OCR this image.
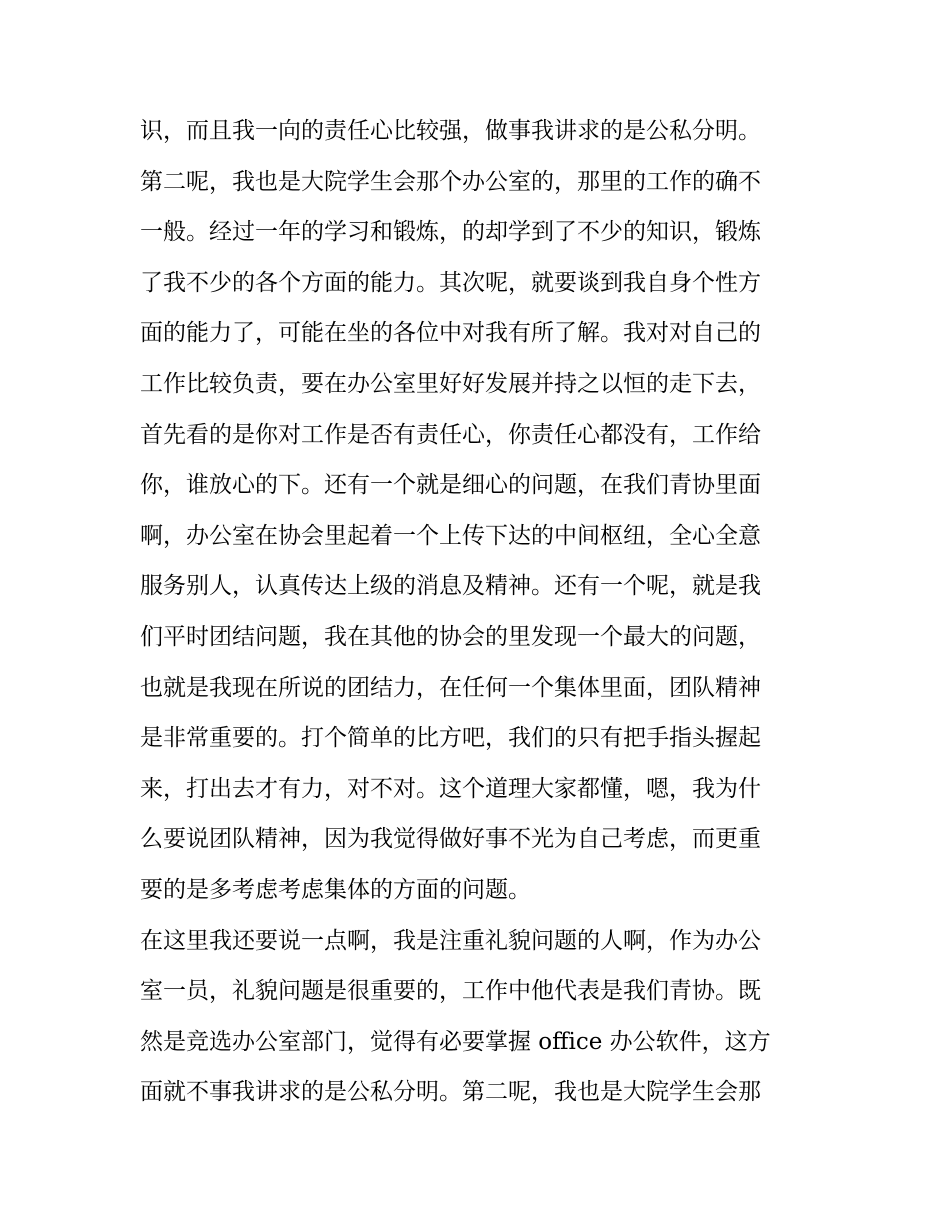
识，而且我一向的责任心比较强，做事我讲求的是公私分明。
第二呢，我也是大院学生会那个办公室的，那里的工作的确不
一般。经过一年的学习和锻炼，的却学到了不少的知识，锻炼
了我不少的各个方面的能力。其次呢，就要谈到我自身个性方
面的能力了，可能在坐的各位中对我有所了解。我对对自己的
工作比较负责，要在办公室里好好发展并持之以恒的走下去，
首先看的是你对工作是否有责任心，你责任心都没有，工作给
你，谁放心的下。还有一个就是细心的问题，在我们青协里面
啊，办公室在协会里起着一个上传下达的中间枢纽，全心全意
服务别人，认真传达上级的消息及精神。还有一个呢，就是我
们平时团结问题，我在其他的协会的里发现一个最大的问题，
也就是我现在所说的团结力，在任何一个集体里面，团队精神
是非常重要的。打个简单的比方吧，我们的只有把手指头握起
来，打出去才有力，对不对。这个道理大家都懂，嗯，我为什
么要说团队精神，因为我觉得做好事不光为自己考虑，而更重
要的是多考虑考虑集体的方面的问题。
在这里我还要说一点啊，我是注重礼貌问题的人啊，作为办公
室一员，礼貌问题是很重要的，工作中他代表是我们青协。既
然是竞选办公室部门，觉得有必要掌握 office 办公软件，这方
面就不事我讲求的是公私分明。第二呢，我也是大院学生会那
